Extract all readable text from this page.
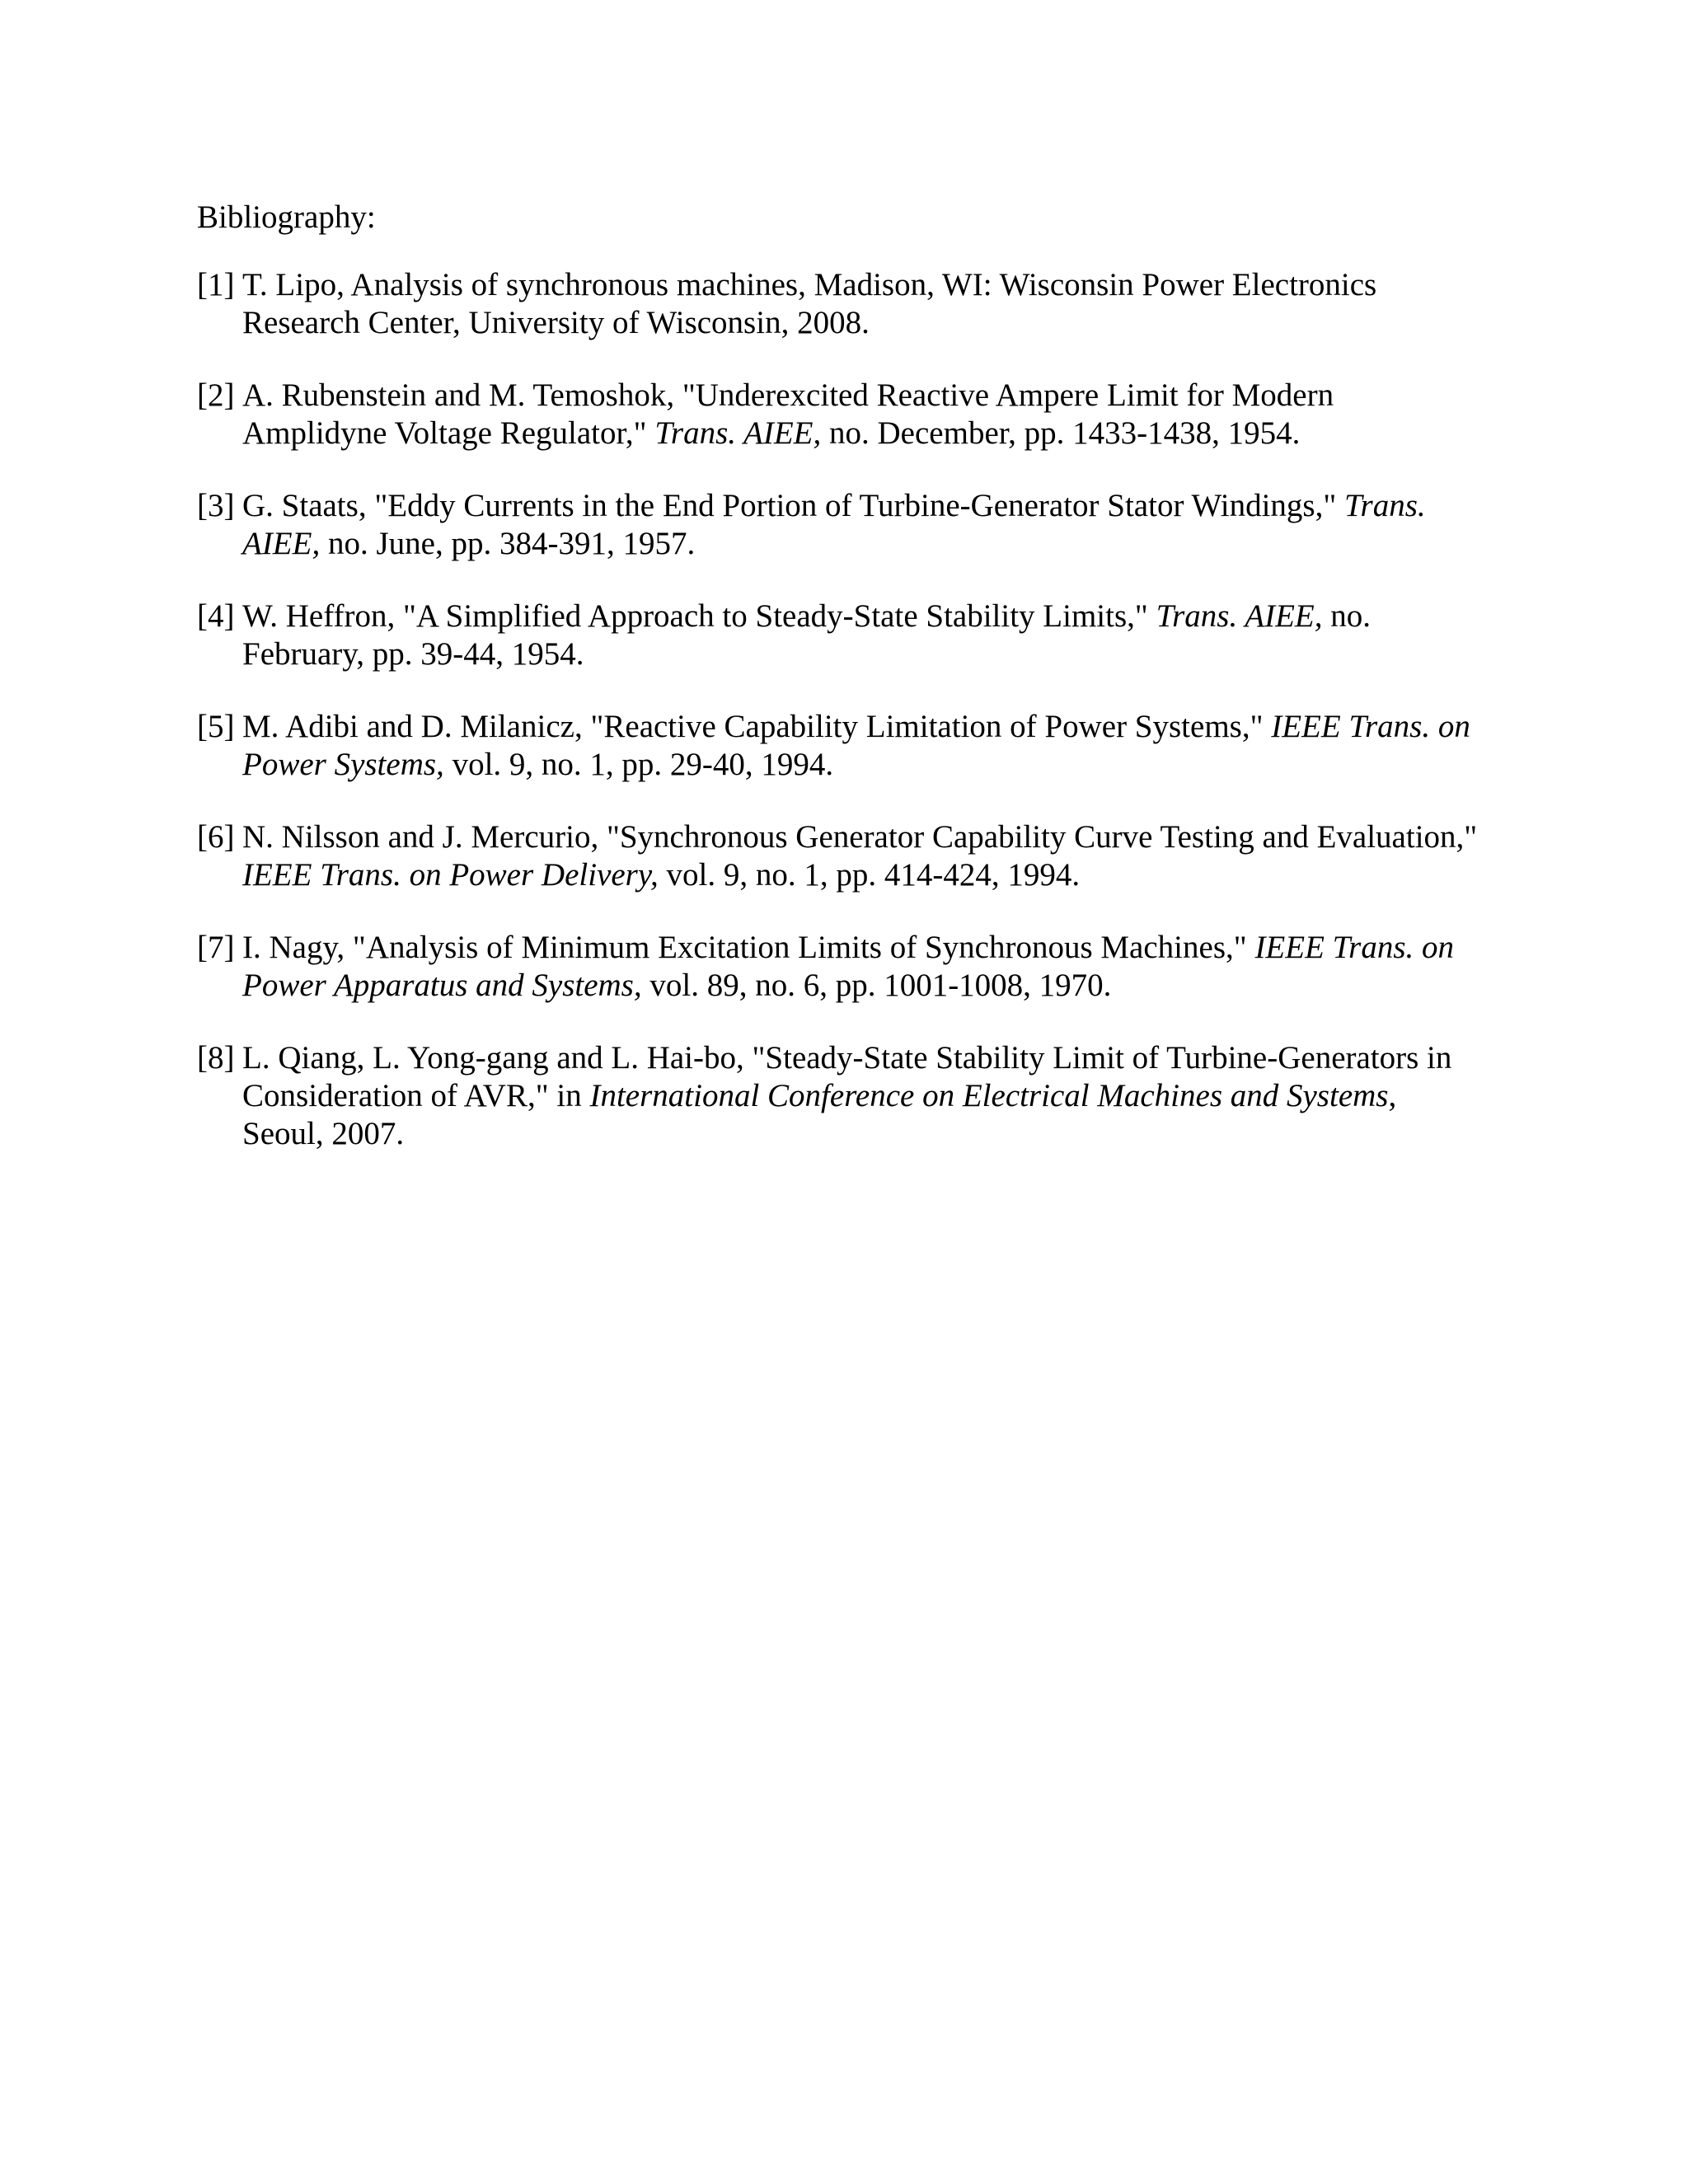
Bibliography:
[1] T. Lipo, Analysis of synchronous machines, Madison, WI: Wisconsin Power Electronics Research Center, University of Wisconsin, 2008.
[2] A. Rubenstein and M. Temoshok, "Underexcited Reactive Ampere Limit for Modern Amplidyne Voltage Regulator," Trans. AIEE, no. December, pp. 1433-1438, 1954.
[3] G. Staats, "Eddy Currents in the End Portion of Turbine-Generator Stator Windings," Trans. AIEE, no. June, pp. 384-391, 1957.
[4] W. Heffron, "A Simplified Approach to Steady-State Stability Limits," Trans. AIEE, no. February, pp. 39-44, 1954.
[5] M. Adibi and D. Milanicz, "Reactive Capability Limitation of Power Systems," IEEE Trans. on Power Systems, vol. 9, no. 1, pp. 29-40, 1994.
[6] N. Nilsson and J. Mercurio, "Synchronous Generator Capability Curve Testing and Evaluation," IEEE Trans. on Power Delivery, vol. 9, no. 1, pp. 414-424, 1994.
[7] I. Nagy, "Analysis of Minimum Excitation Limits of Synchronous Machines," IEEE Trans. on Power Apparatus and Systems, vol. 89, no. 6, pp. 1001-1008, 1970.
[8] L. Qiang, L. Yong-gang and L. Hai-bo, "Steady-State Stability Limit of Turbine-Generators in Consideration of AVR," in International Conference on Electrical Machines and Systems, Seoul, 2007.
